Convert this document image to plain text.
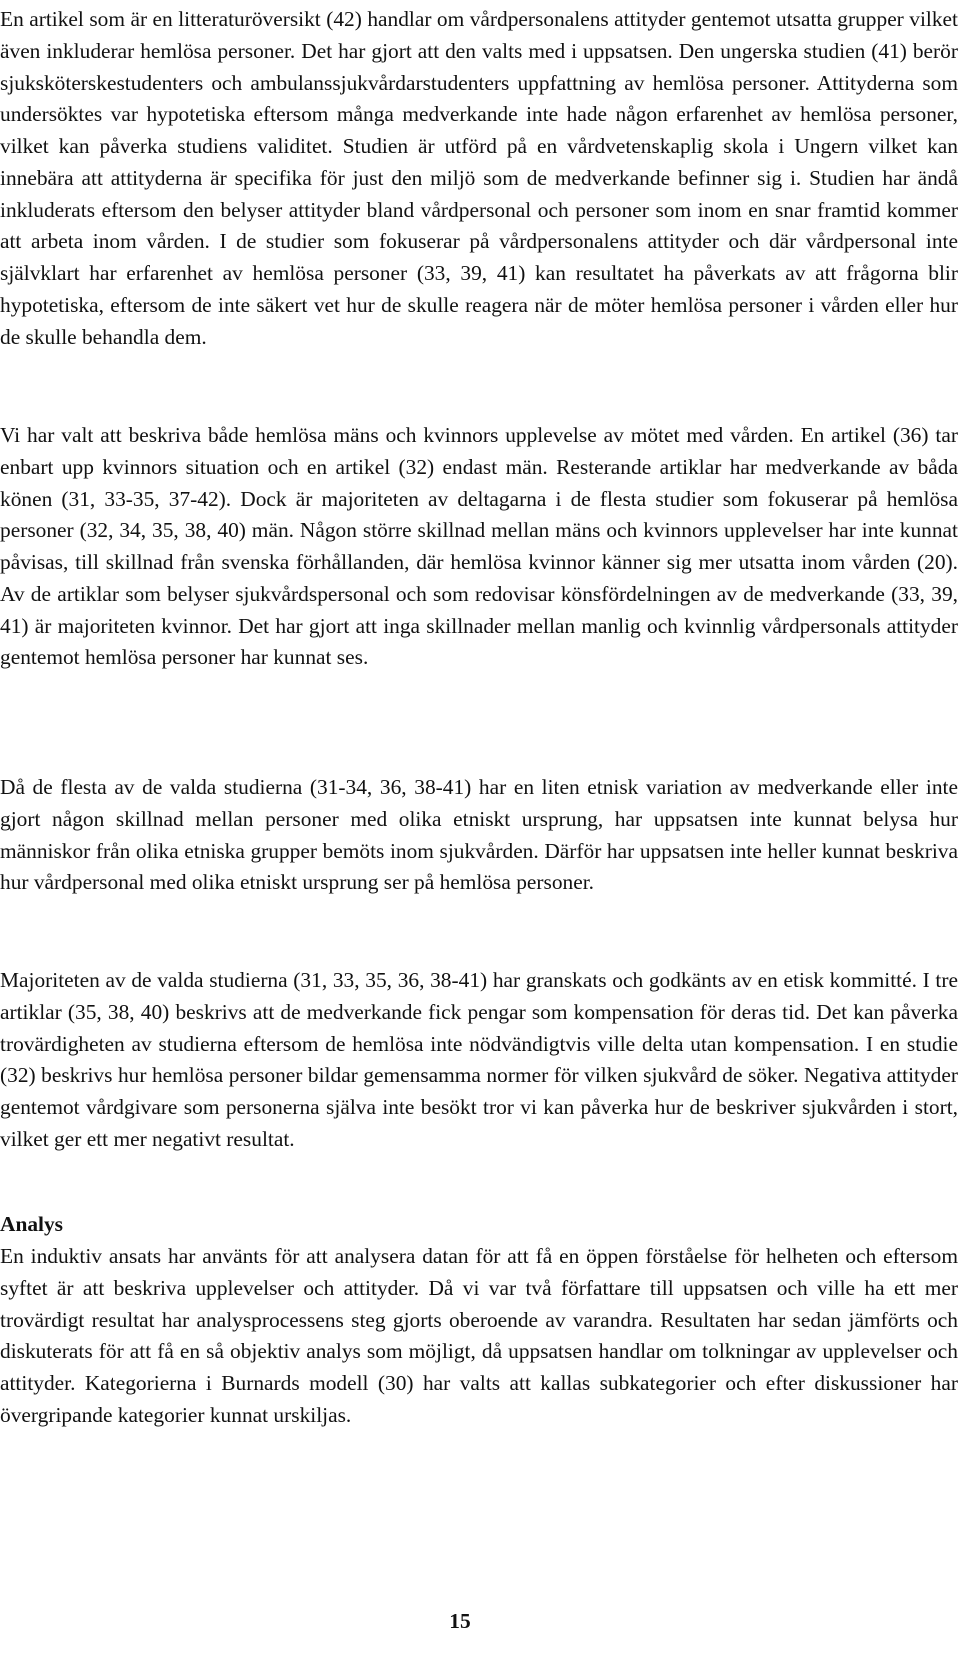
En artikel som är en litteraturöversikt (42) handlar om vårdpersonalens attityder gentemot utsatta grupper vilket även inkluderar hemlösa personer. Det har gjort att den valts med i uppsatsen. Den ungerska studien (41) berör sjuksköterskestudenters och ambulanssjukvårdarstudenters uppfattning av hemlösa personer. Attityderna som undersöktes var hypotetiska eftersom många medverkande inte hade någon erfarenhet av hemlösa personer, vilket kan påverka studiens validitet. Studien är utförd på en vårdvetenskaplig skola i Ungern vilket kan innebära att attityderna är specifika för just den miljö som de medverkande befinner sig i. Studien har ändå inkluderats eftersom den belyser attityder bland vårdpersonal och personer som inom en snar framtid kommer att arbeta inom vården. I de studier som fokuserar på vårdpersonalens attityder och där vårdpersonal inte självklart har erfarenhet av hemlösa personer (33, 39, 41) kan resultatet ha påverkats av att frågorna blir hypotetiska, eftersom de inte säkert vet hur de skulle reagera när de möter hemlösa personer i vården eller hur de skulle behandla dem.

Vi har valt att beskriva både hemlösa mäns och kvinnors upplevelse av mötet med vården. En artikel (36) tar enbart upp kvinnors situation och en artikel (32) endast män. Resterande artiklar har medverkande av båda könen (31, 33-35, 37-42). Dock är majoriteten av deltagarna i de flesta studier som fokuserar på hemlösa personer (32, 34, 35, 38, 40) män. Någon större skillnad mellan mäns och kvinnors upplevelser har inte kunnat påvisas, till skillnad från svenska förhållanden, där hemlösa kvinnor känner sig mer utsatta inom vården (20). Av de artiklar som belyser sjukvårdspersonal och som redovisar könsfördelningen av de medverkande (33, 39, 41) är majoriteten kvinnor. Det har gjort att inga skillnader mellan manlig och kvinnlig vårdpersonals attityder gentemot hemlösa personer har kunnat ses.

Då de flesta av de valda studierna (31-34, 36, 38-41) har en liten etnisk variation av medverkande eller inte gjort någon skillnad mellan personer med olika etniskt ursprung, har uppsatsen inte kunnat belysa hur människor från olika etniska grupper bemöts inom sjukvården. Därför har uppsatsen inte heller kunnat beskriva hur vårdpersonal med olika etniskt ursprung ser på hemlösa personer.

Majoriteten av de valda studierna (31, 33, 35, 36, 38-41) har granskats och godkänts av en etisk kommitté. I tre artiklar (35, 38, 40) beskrivs att de medverkande fick pengar som kompensation för deras tid. Det kan påverka trovärdigheten av studierna eftersom de hemlösa inte nödvändigtvis ville delta utan kompensation. I en studie (32) beskrivs hur hemlösa personer bildar gemensamma normer för vilken sjukvård de söker. Negativa attityder gentemot vårdgivare som personerna själva inte besökt tror vi kan påverka hur de beskriver sjukvården i stort, vilket ger ett mer negativt resultat.

Analys

En induktiv ansats har använts för att analysera datan för att få en öppen förståelse för helheten och eftersom syftet är att beskriva upplevelser och attityder. Då vi var två författare till uppsatsen och ville ha ett mer trovärdigt resultat har analysprocessens steg gjorts oberoende av varandra. Resultaten har sedan jämförts och diskuterats för att få en så objektiv analys som möjligt, då uppsatsen handlar om tolkningar av upplevelser och attityder. Kategorierna i Burnards modell (30) har valts att kallas subkategorier och efter diskussioner har övergripande kategorier kunnat urskiljas.

15
